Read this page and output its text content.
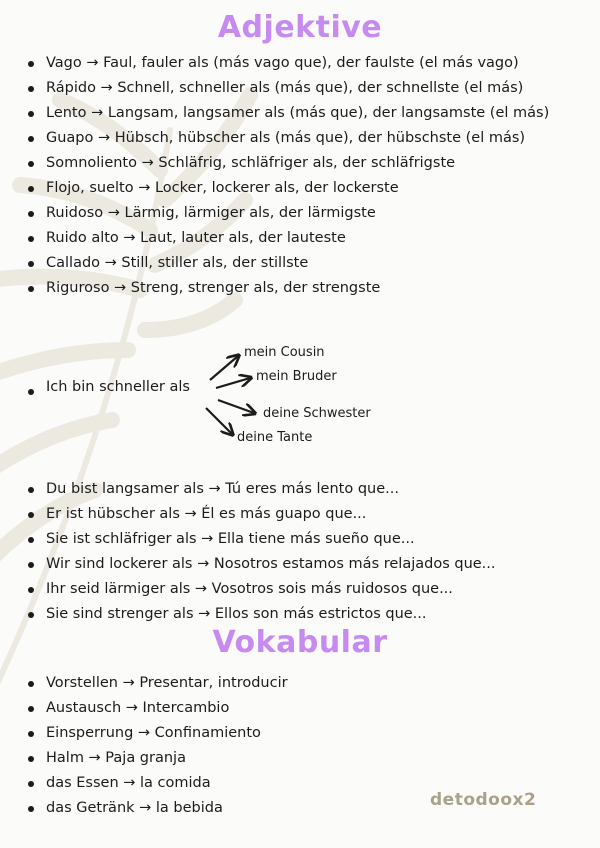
Adjektive
Vago → Faul, fauler als (más vago que), der faulste (el más vago)
Rápido → Schnell, schneller als (más que), der schnellste (el más)
Lento → Langsam, langsamer als (más que), der langsamste (el más)
Guapo → Hübsch, hübscher als (más que), der hübschste (el más)
Somnoliento → Schläfrig, schläfriger als, der schläfrigste
Flojo, suelto → Locker, lockerer als, der lockerste
Ruidoso → Lärmig, lärmiger als, der lärmigste
Ruido alto → Laut, lauter als, der lauteste
Callado → Still, stiller als, der stillste
Riguroso → Streng, strenger als, der strengste
Ich bin schneller als
mein Cousin
mein Bruder
deine Schwester
deine Tante
Du bist langsamer als → Tú eres más lento que...
Er ist hübscher als → Él es más guapo que...
Sie ist schläfriger als → Ella tiene más sueño que...
Wir sind lockerer als → Nosotros estamos más relajados que...
Ihr seid lärmiger als → Vosotros sois más ruidosos que...
Sie sind strenger als → Ellos son más estrictos que...
Vokabular
Vorstellen → Presentar, introducir
Austausch → Intercambio
Einsperrung → Confinamiento
Halm → Paja granja
das Essen → la comida
das Getränk → la bebida	detodoox2
